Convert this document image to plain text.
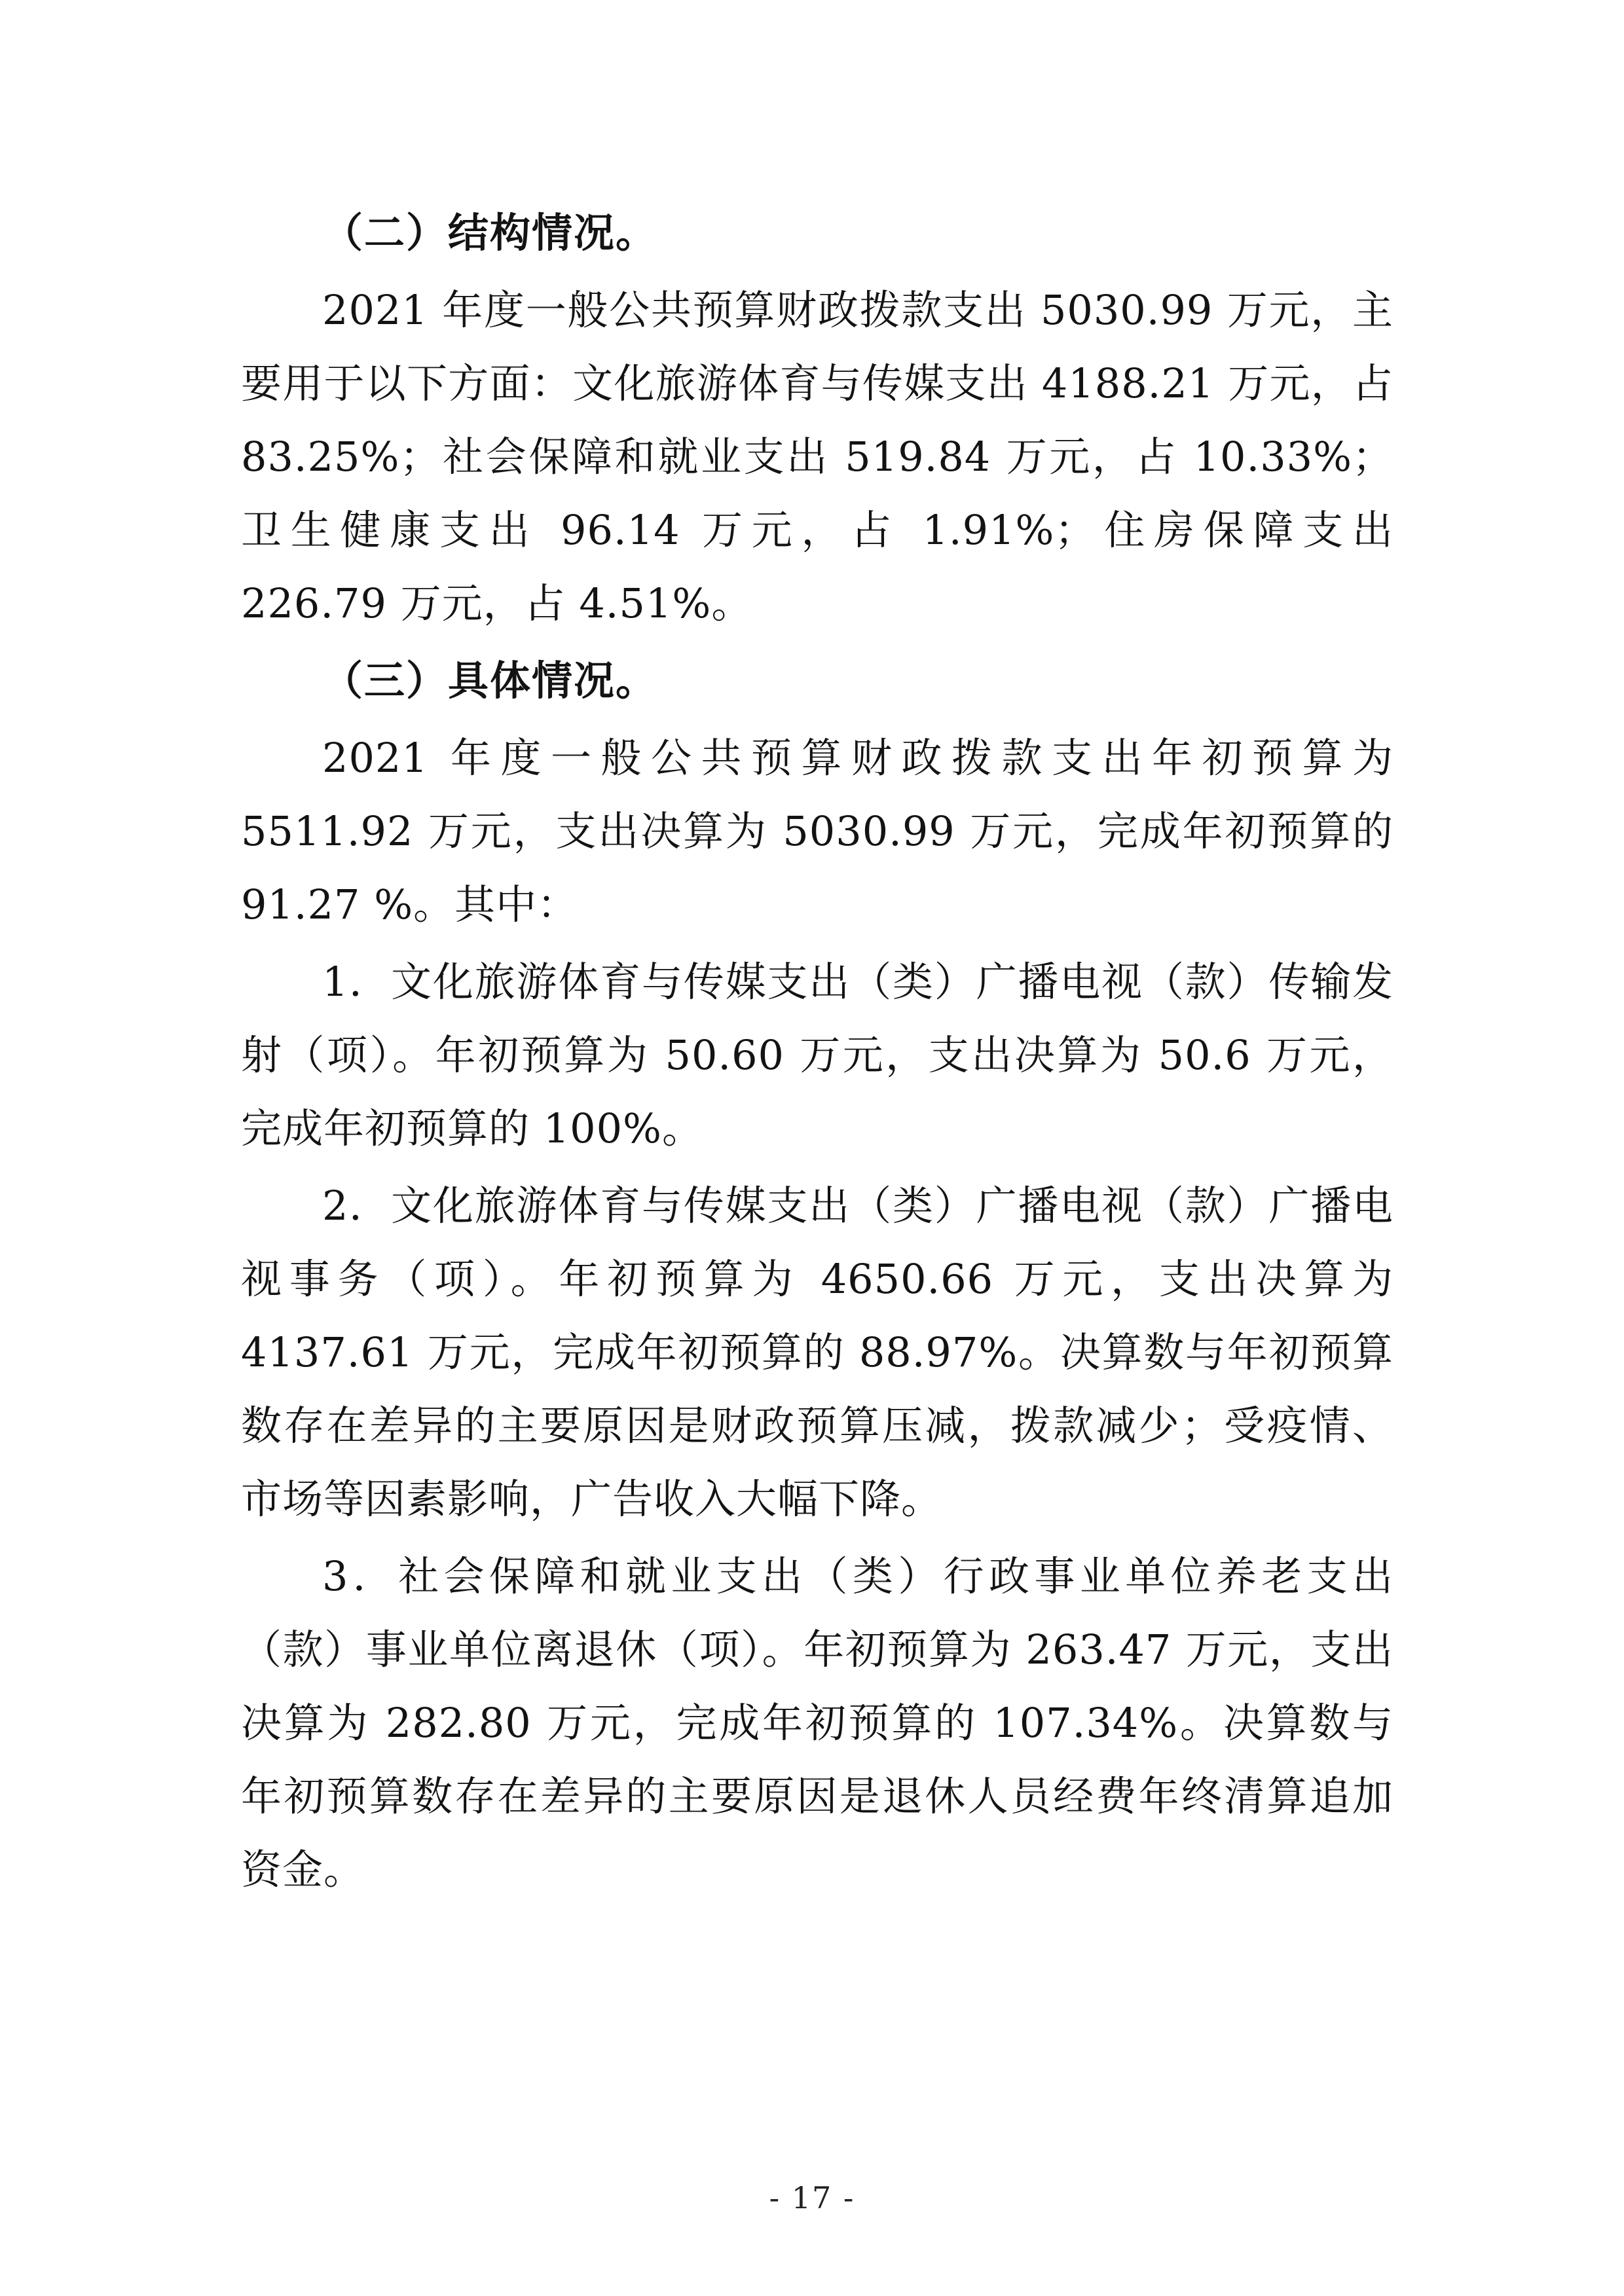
（二）结构情况。

2021 年度一般公共预算财政拨款支出 5030.99 万元，主要用于以下方面：文化旅游体育与传媒支出 4188.21 万元，占 83.25%；社会保障和就业支出 519.84 万元，占 10.33%；卫生健康支出 96.14 万元，占 1.91%；住房保障支出 226.79 万元，占 4.51%。

（三）具体情况。

2021 年度一般公共预算财政拨款支出年初预算为 5511.92 万元，支出决算为 5030.99 万元，完成年初预算的 91.27 %。其中：

1．文化旅游体育与传媒支出（类）广播电视（款）传输发射（项）。年初预算为 50.60 万元，支出决算为 50.6 万元，完成年初预算的 100%。

2．文化旅游体育与传媒支出（类）广播电视（款）广播电视事务（项）。年初预算为 4650.66 万元，支出决算为 4137.61 万元，完成年初预算的 88.97%。决算数与年初预算数存在差异的主要原因是财政预算压减，拨款减少；受疫情、市场等因素影响，广告收入大幅下降。

3．社会保障和就业支出（类）行政事业单位养老支出（款）事业单位离退休（项）。年初预算为 263.47 万元，支出决算为 282.80 万元，完成年初预算的 107.34%。决算数与年初预算数存在差异的主要原因是退休人员经费年终清算追加资金。

- 17 -
